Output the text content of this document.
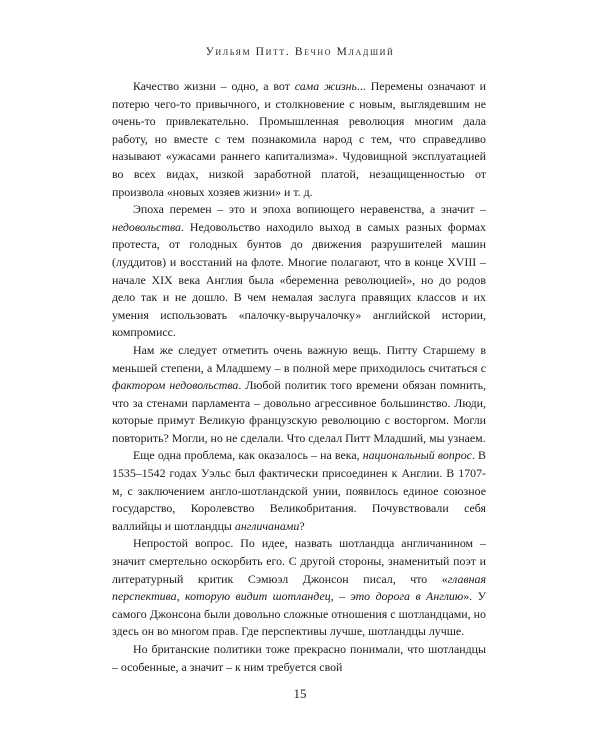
Уильям Питт. Вечно Младший

Качество жизни – одно, а вот сама жизнь... Перемены означают и потерю чего-то привычного, и столкновение с новым, выглядевшим не очень-то привлекательно. Промышленная революция многим дала работу, но вместе с тем познакомила народ с тем, что справедливо называют «ужасами раннего капитализма». Чудовищной эксплуатацией во всех видах, низкой заработной платой, незащищенностью от произвола «новых хозяев жизни» и т. д.

Эпоха перемен – это и эпоха вопиющего неравенства, а значит – недовольства. Недовольство находило выход в самых разных формах протеста, от голодных бунтов до движения разрушителей машин (луддитов) и восстаний на флоте. Многие полагают, что в конце XVIII – начале XIX века Англия была «беременна революцией», но до родов дело так и не дошло. В чем немалая заслуга правящих классов и их умения использовать «палочку-выручалочку» английской истории, компромисс.

Нам же следует отметить очень важную вещь. Питту Старшему в меньшей степени, а Младшему – в полной мере приходилось считаться с фактором недовольства. Любой политик того времени обязан помнить, что за стенами парламента – довольно агрессивное большинство. Люди, которые примут Великую французскую революцию с восторгом. Могли повторить? Могли, но не сделали. Что сделал Питт Младший, мы узнаем.

Еще одна проблема, как оказалось – на века, национальный вопрос. В 1535–1542 годах Уэльс был фактически присоединен к Англии. В 1707-м, с заключением англо-шотландской унии, появилось единое союзное государство, Королевство Великобритания. Почувствовали себя валлийцы и шотландцы англичанами?

Непростой вопрос. По идее, назвать шотландца англичанином – значит смертельно оскорбить его. С другой стороны, знаменитый поэт и литературный критик Сэмюэл Джонсон писал, что «главная перспектива, которую видит шотландец, – это дорога в Англию». У самого Джонсона были довольно сложные отношения с шотландцами, но здесь он во многом прав. Где перспективы лучше, шотландцы лучше.

Но британские политики тоже прекрасно понимали, что шотландцы – особенные, а значит – к ним требуется свой

15
